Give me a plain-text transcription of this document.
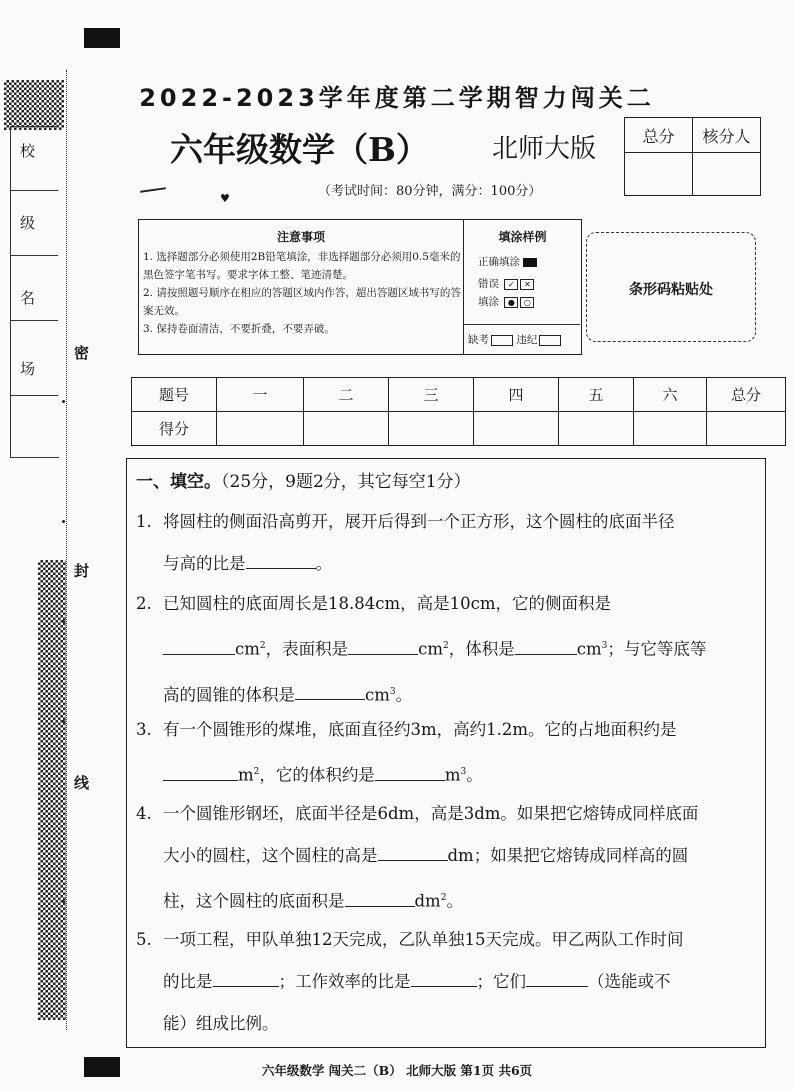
校
级
名
场
密
封
线
2022-2023学年度第二学期智力闯关二
六年级数学（B） 北师大版
♥	（考试时间：80分钟，满分：100分）
总分	核分人

注意事项
1. 选择题部分必须使用2B铅笔填涂，非选择题部分必须用0.5毫米的黑色签字笔书写。要求字体工整、笔迹清楚。
2. 请按照题号顺序在相应的答题区域内作答，超出答题区域书写的答案无效。
3. 保持卷面清洁，不要折叠，不要弄破。
填涂样例
正确填涂
错误 ✓ ✕
填涂 ● ○
缺考	违纪
条形码粘贴处
题号	一	二	三	四	五	六	总分
得分							
一、填空。（25分，9题2分，其它每空1分）
1. 将圆柱的侧面沿高剪开，展开后得到一个正方形，这个圆柱的底面半径
与高的比是	。
2. 已知圆柱的底面周长是18.84cm，高是10cm，它的侧面积是
$cm^2$，表面积是	$cm^2$，体积是	$cm^3$；与它等底等
高的圆锥的体积是	$cm^3$。
3. 有一个圆锥形的煤堆，底面直径约3m，高约1.2m。它的占地面积约是
$m^2$，它的体积约是	$m^3$。
4. 一个圆锥形钢坯，底面半径是6dm，高是3dm。如果把它熔铸成同样底面
大小的圆柱，这个圆柱的高是	dm；如果把它熔铸成同样高的圆
柱，这个圆柱的底面积是	$dm^2$。
5. 一项工程，甲队单独12天完成，乙队单独15天完成。甲乙两队工作时间
的比是	；工作效率的比是	；它们	（选能或不
能）组成比例。
六年级数学 闯关二（B） 北师大版 第1页 共6页
